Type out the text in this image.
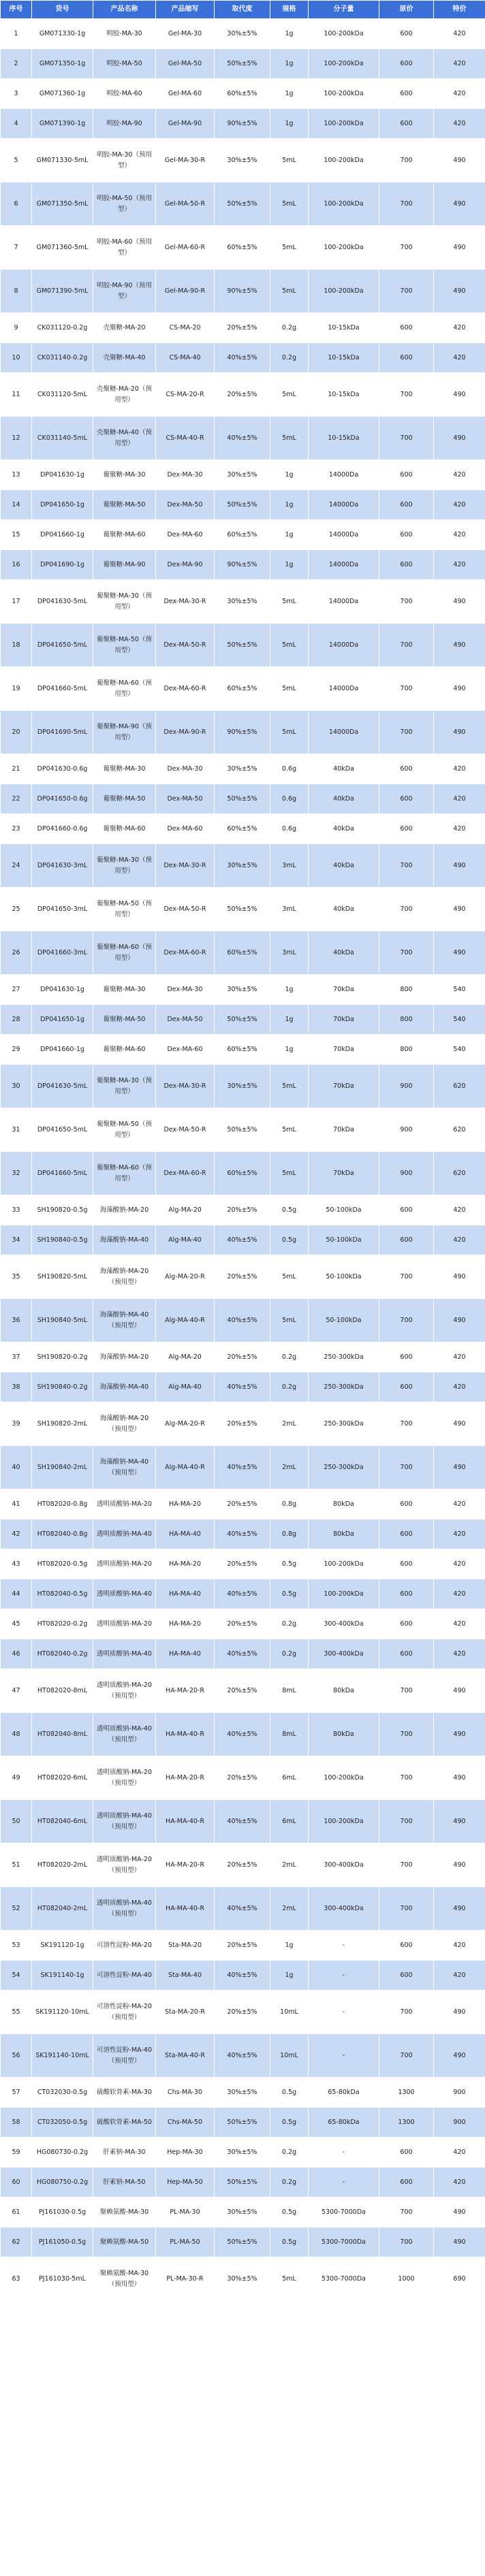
序号	货号	产品名称	产品缩写	取代度	规格	分子量	原价	特价
1	GM071330-1g	明胶-MA-30	Gel-MA-30	30%±5%	1g	100-200kDa	600	420
2	GM071350-1g	明胶-MA-50	Gel-MA-50	50%±5%	1g	100-200kDa	600	420
3	GM071360-1g	明胶-MA-60	Gel-MA-60	60%±5%	1g	100-200kDa	600	420
4	GM071390-1g	明胶-MA-90	Gel-MA-90	90%±5%	1g	100-200kDa	600	420
5	GM071330-5mL	明胶-MA-30（预用型）	Gel-MA-30-R	30%±5%	5mL	100-200kDa	700	490
6	GM071350-5mL	明胶-MA-50（预用型）	Gel-MA-50-R	50%±5%	5mL	100-200kDa	700	490
7	GM071360-5mL	明胶-MA-60（预用型）	Gel-MA-60-R	60%±5%	5mL	100-200kDa	700	490
8	GM071390-5mL	明胶-MA-90（预用型）	Gel-MA-90-R	90%±5%	5mL	100-200kDa	700	490
9	CK031120-0.2g	壳聚糖-MA-20	CS-MA-20	20%±5%	0.2g	10-15kDa	600	420
10	CK031140-0.2g	壳聚糖-MA-40	CS-MA-40	40%±5%	0.2g	10-15kDa	600	420
11	CK031120-5mL	壳聚糖-MA-20（预用型）	CS-MA-20-R	20%±5%	5mL	10-15kDa	700	490
12	CK031140-5mL	壳聚糖-MA-40（预用型）	CS-MA-40-R	40%±5%	5mL	10-15kDa	700	490
13	DP041630-1g	葡聚糖-MA-30	Dex-MA-30	30%±5%	1g	14000Da	600	420
14	DP041650-1g	葡聚糖-MA-50	Dex-MA-50	50%±5%	1g	14000Da	600	420
15	DP041660-1g	葡聚糖-MA-60	Dex-MA-60	60%±5%	1g	14000Da	600	420
16	DP041690-1g	葡聚糖-MA-90	Dex-MA-90	90%±5%	1g	14000Da	600	420
17	DP041630-5mL	葡聚糖-MA-30（预用型）	Dex-MA-30-R	30%±5%	5mL	14000Da	700	490
18	DP041650-5mL	葡聚糖-MA-50（预用型）	Dex-MA-50-R	50%±5%	5mL	14000Da	700	490
19	DP041660-5mL	葡聚糖-MA-60（预用型）	Dex-MA-60-R	60%±5%	5mL	14000Da	700	490
20	DP041690-5mL	葡聚糖-MA-90（预用型）	Dex-MA-90-R	90%±5%	5mL	14000Da	700	490
21	DP041630-0.6g	葡聚糖-MA-30	Dex-MA-30	30%±5%	0.6g	40kDa	600	420
22	DP041650-0.6g	葡聚糖-MA-50	Dex-MA-50	50%±5%	0.6g	40kDa	600	420
23	DP041660-0.6g	葡聚糖-MA-60	Dex-MA-60	60%±5%	0.6g	40kDa	600	420
24	DP041630-3mL	葡聚糖-MA-30（预用型）	Dex-MA-30-R	30%±5%	3mL	40kDa	700	490
25	DP041650-3mL	葡聚糖-MA-50（预用型）	Dex-MA-50-R	50%±5%	3mL	40kDa	700	490
26	DP041660-3mL	葡聚糖-MA-60（预用型）	Dex-MA-60-R	60%±5%	3mL	40kDa	700	490
27	DP041630-1g	葡聚糖-MA-30	Dex-MA-30	30%±5%	1g	70kDa	800	540
28	DP041650-1g	葡聚糖-MA-50	Dex-MA-50	50%±5%	1g	70kDa	800	540
29	DP041660-1g	葡聚糖-MA-60	Dex-MA-60	60%±5%	1g	70kDa	800	540
30	DP041630-5mL	葡聚糖-MA-30（预用型）	Dex-MA-30-R	30%±5%	5mL	70kDa	900	620
31	DP041650-5mL	葡聚糖-MA-50（预用型）	Dex-MA-50-R	50%±5%	5mL	70kDa	900	620
32	DP041660-5mL	葡聚糖-MA-60（预用型）	Dex-MA-60-R	60%±5%	5mL	70kDa	900	620
33	SH190820-0.5g	海藻酸钠-MA-20	Alg-MA-20	20%±5%	0.5g	50-100kDa	600	420
34	SH190840-0.5g	海藻酸钠-MA-40	Alg-MA-40	40%±5%	0.5g	50-100kDa	600	420
35	SH190820-5mL	海藻酸钠-MA-20（预用型）	Alg-MA-20-R	20%±5%	5mL	50-100kDa	700	490
36	SH190840-5mL	海藻酸钠-MA-40（预用型）	Alg-MA-40-R	40%±5%	5mL	50-100kDa	700	490
37	SH190820-0.2g	海藻酸钠-MA-20	Alg-MA-20	20%±5%	0.2g	250-300kDa	600	420
38	SH190840-0.2g	海藻酸钠-MA-40	Alg-MA-40	40%±5%	0.2g	250-300kDa	600	420
39	SH190820-2mL	海藻酸钠-MA-20（预用型）	Alg-MA-20-R	20%±5%	2mL	250-300kDa	700	490
40	SH190840-2mL	海藻酸钠-MA-40（预用型）	Alg-MA-40-R	40%±5%	2mL	250-300kDa	700	490
41	HT082020-0.8g	透明质酸钠-MA-20	HA-MA-20	20%±5%	0.8g	80kDa	600	420
42	HT082040-0.8g	透明质酸钠-MA-40	HA-MA-40	40%±5%	0.8g	80kDa	600	420
43	HT082020-0.5g	透明质酸钠-MA-20	HA-MA-20	20%±5%	0.5g	100-200kDa	600	420
44	HT082040-0.5g	透明质酸钠-MA-40	HA-MA-40	40%±5%	0.5g	100-200kDa	600	420
45	HT082020-0.2g	透明质酸钠-MA-20	HA-MA-20	20%±5%	0.2g	300-400kDa	600	420
46	HT082040-0.2g	透明质酸钠-MA-40	HA-MA-40	40%±5%	0.2g	300-400kDa	600	420
47	HT082020-8mL	透明质酸钠-MA-20（预用型）	HA-MA-20-R	20%±5%	8mL	80kDa	700	490
48	HT082040-8mL	透明质酸钠-MA-40（预用型）	HA-MA-40-R	40%±5%	8mL	80kDa	700	490
49	HT082020-6mL	透明质酸钠-MA-20（预用型）	HA-MA-20-R	20%±5%	6mL	100-200kDa	700	490
50	HT082040-6mL	透明质酸钠-MA-40（预用型）	HA-MA-40-R	40%±5%	6mL	100-200kDa	700	490
51	HT082020-2mL	透明质酸钠-MA-20（预用型）	HA-MA-20-R	20%±5%	2mL	300-400kDa	700	490
52	HT082040-2mL	透明质酸钠-MA-40（预用型）	HA-MA-40-R	40%±5%	2mL	300-400kDa	700	490
53	SK191120-1g	可溶性淀粉-MA-20	Sta-MA-20	20%±5%	1g	-	600	420
54	SK191140-1g	可溶性淀粉-MA-40	Sta-MA-40	40%±5%	1g	-	600	420
55	SK191120-10mL	可溶性淀粉-MA-20（预用型）	Sta-MA-20-R	20%±5%	10mL	-	700	490
56	SK191140-10mL	可溶性淀粉-MA-40（预用型）	Sta-MA-40-R	40%±5%	10mL	-	700	490
57	CT032030-0.5g	硫酸软骨素-MA-30	Chs-MA-30	30%±5%	0.5g	65-80kDa	1300	900
58	CT032050-0.5g	硫酸软骨素-MA-50	Chs-MA-50	50%±5%	0.5g	65-80kDa	1300	900
59	HG080730-0.2g	肝素钠-MA-30	Hep-MA-30	30%±5%	0.2g	-	600	420
60	HG080750-0.2g	肝素钠-MA-50	Hep-MA-50	50%±5%	0.2g	-	600	420
61	PJ161030-0.5g	聚赖氨酸-MA-30	PL-MA-30	30%±5%	0.5g	5300-7000Da	700	490
62	PJ161050-0.5g	聚赖氨酸-MA-50	PL-MA-50	50%±5%	0.5g	5300-7000Da	700	490
63	PJ161030-5mL	聚赖氨酸-MA-30（预用型）	PL-MA-30-R	30%±5%	5mL	5300-7000Da	1000	690
